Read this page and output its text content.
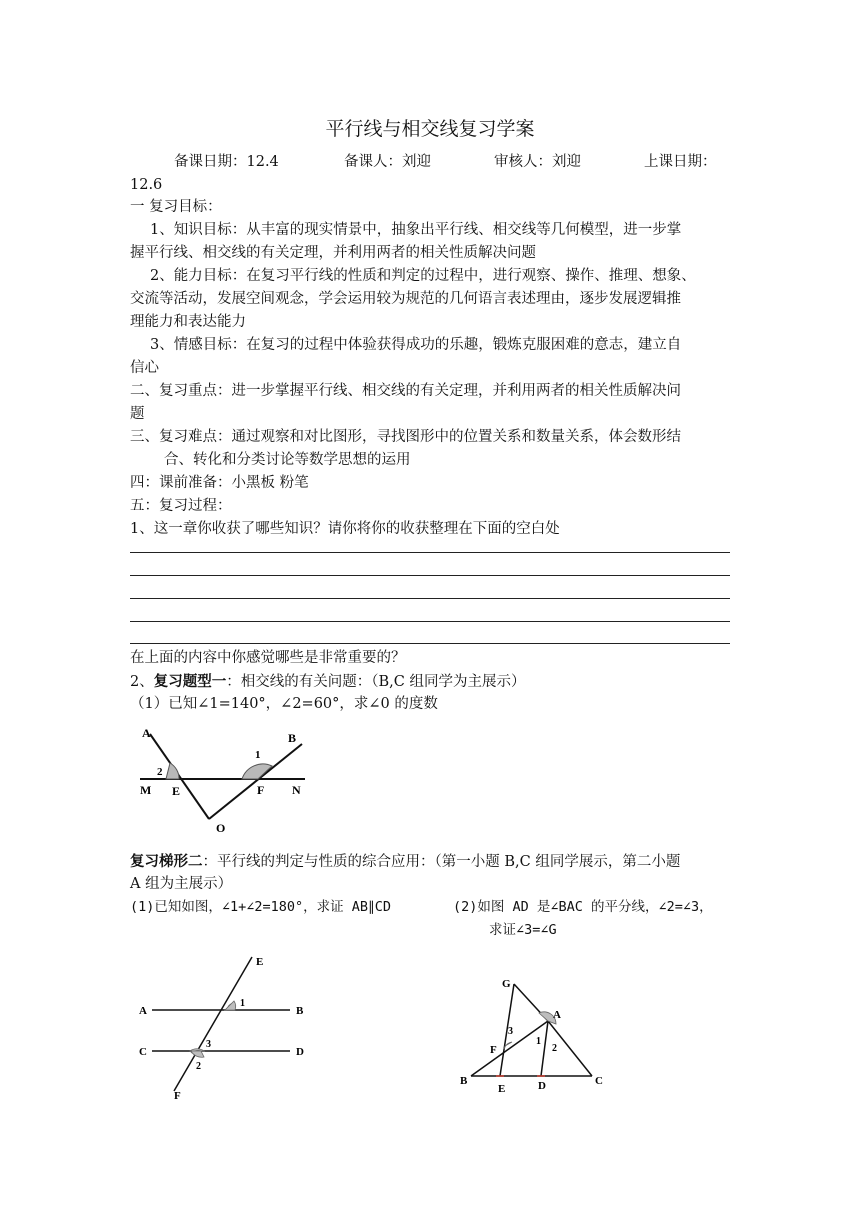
平行线与相交线复习学案
备课日期：12.4	备课人：刘迎	审核人：刘迎	上课日期：
12.6
一 复习目标：
1、知识目标：从丰富的现实情景中，抽象出平行线、相交线等几何模型，进一步掌
握平行线、相交线的有关定理，并利用两者的相关性质解决问题
2、能力目标：在复习平行线的性质和判定的过程中，进行观察、操作、推理、想象、
交流等活动，发展空间观念，学会运用较为规范的几何语言表述理由，逐步发展逻辑推
理能力和表达能力
3、情感目标：在复习的过程中体验获得成功的乐趣，锻炼克服困难的意志，建立自
信心
二、复习重点：进一步掌握平行线、相交线的有关定理，并利用两者的相关性质解决问
题
三、复习难点：通过观察和对比图形，寻找图形中的位置关系和数量关系，体会数形结
合、转化和分类讨论等数学思想的运用
四：课前准备：小黑板 粉笔
五：复习过程：
1、这一章你收获了哪些知识？请你将你的收获整理在下面的空白处
在上面的内容中你感觉哪些是非常重要的？
2、复习题型一：相交线的有关问题：（B,C 组同学为主展示）
（1）已知∠1=140°，∠2=60°，求∠0 的度数
A	B
M	N
E	F
O
1
2
复习梯形二：平行线的判定与性质的综合应用：（第一小题 B,C 组同学展示，第二小题
A 组为主展示）
(1)已知如图，∠1+∠2=180°，求证 AB∥CD	(2)如图 AD 是∠BAC 的平分线，∠2=∠3，
求证∠3=∠G
E
A	B
C	D
F
1
3
2
G
A
B	C
D
E
F
3
1
2
